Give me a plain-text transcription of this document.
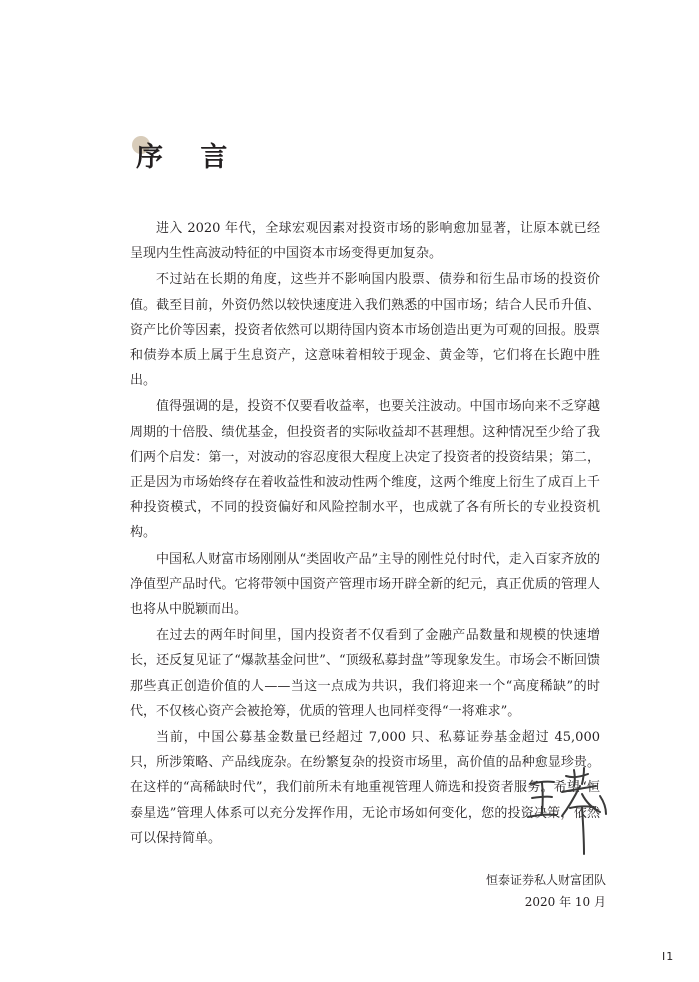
序 言

进入 2020 年代，全球宏观因素对投资市场的影响愈加显著，让原本就已经呈现内生性高波动特征的中国资本市场变得更加复杂。

不过站在长期的角度，这些并不影响国内股票、债券和衍生品市场的投资价值。截至目前，外资仍然以较快速度进入我们熟悉的中国市场；结合人民币升值、资产比价等因素，投资者依然可以期待国内资本市场创造出更为可观的回报。股票和债券本质上属于生息资产，这意味着相较于现金、黄金等，它们将在长跑中胜出。

值得强调的是，投资不仅要看收益率，也要关注波动。中国市场向来不乏穿越周期的十倍股、绩优基金，但投资者的实际收益却不甚理想。这种情况至少给了我们两个启发：第一，对波动的容忍度很大程度上决定了投资者的投资结果；第二，正是因为市场始终存在着收益性和波动性两个维度，这两个维度上衍生了成百上千种投资模式，不同的投资偏好和风险控制水平，也成就了各有所长的专业投资机构。

中国私人财富市场刚刚从“类固收产品”主导的刚性兑付时代，走入百家齐放的净值型产品时代。它将带领中国资产管理市场开辟全新的纪元，真正优质的管理人也将从中脱颖而出。

在过去的两年时间里，国内投资者不仅看到了金融产品数量和规模的快速增长，还反复见证了“爆款基金问世”、“顶级私募封盘”等现象发生。市场会不断回馈那些真正创造价值的人——当这一点成为共识，我们将迎来一个“高度稀缺”的时代，不仅核心资产会被抢筹，优质的管理人也同样变得“一将难求”。

当前，中国公募基金数量已经超过 7,000 只、私募证券基金超过 45,000 只，所涉策略、产品线庞杂。在纷繁复杂的投资市场里，高价值的品种愈显珍贵。在这样的“高稀缺时代”，我们前所未有地重视管理人筛选和投资者服务。希望“恒泰星选”管理人体系可以充分发挥作用，无论市场如何变化，您的投资决策，依然可以保持简单。

恒泰证券私人财富团队
2020 年 10 月
I1
